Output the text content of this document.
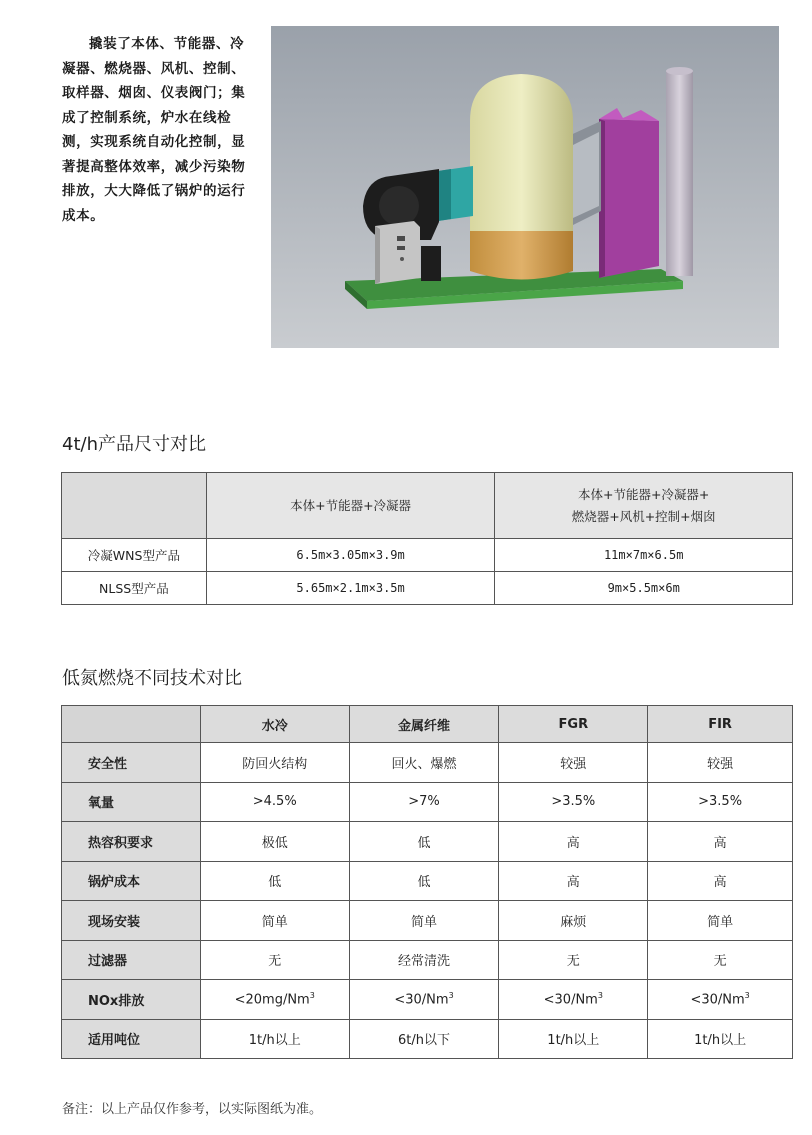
撬装了本体、节能器、冷凝器、燃烧器、风机、控制、取样器、烟囱、仪表阀门；集成了控制系统，炉水在线检测，实现系统自动化控制，显著提高整体效率，减少污染物排放，大大降低了锅炉的运行成本。

4t/h产品尺寸对比
	本体+节能器+冷凝器	本体+节能器+冷凝器+
燃烧器+风机+控制+烟囱
冷凝WNS型产品	6.5m×3.05m×3.9m	11m×7m×6.5m
NLSS型产品	5.65m×2.1m×3.5m	9m×5.5m×6m
低氮燃烧不同技术对比
	水冷	金属纤维	FGR	FIR
安全性	防回火结构	回火、爆燃	较强	较强
氧量	>4.5%	>7%	>3.5%	>3.5%
热容积要求	极低	低	高	高
锅炉成本	低	低	高	高
现场安装	简单	简单	麻烦	简单
过滤器	无	经常清洗	无	无
NOx排放	$<20mg/Nm^3$	$<30/Nm^3$	$<30/Nm^3$	$<30/Nm^3$
适用吨位	1t/h以上	6t/h以下	1t/h以上	1t/h以上

备注：以上产品仅作参考，以实际图纸为准。
